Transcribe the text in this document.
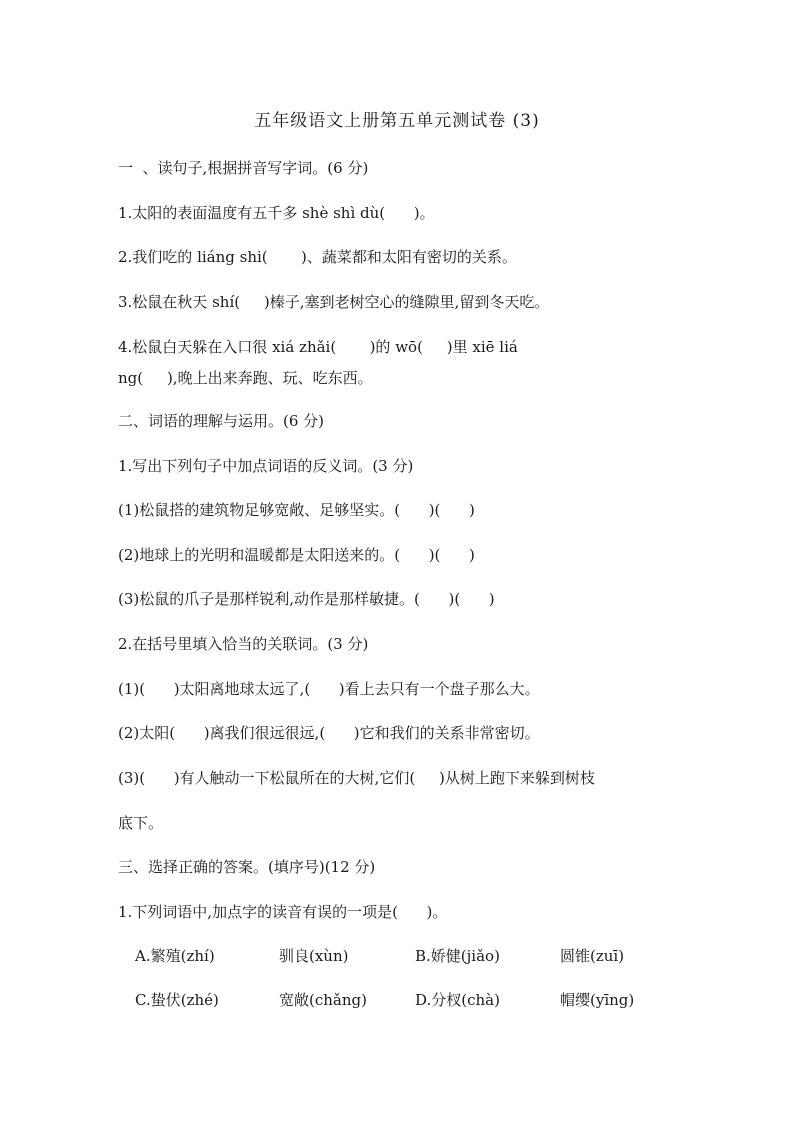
五年级语文上册第五单元测试卷 (3)
一  、读句子,根据拼音写字词。(6 分)
1.太阳的表面温度有五千多 shè shì dù(      )。
2.我们吃的 liáng shi(       )、蔬菜都和太阳有密切的关系。
3.松鼠在秋天 shí(     )榛子,塞到老树空心的缝隙里,留到冬天吃。
4.松鼠白天躲在入口很 xiá zhǎi(       )的 wō(     )里 xiē liá
ng(     ),晚上出来奔跑、玩、吃东西。
二、词语的理解与运用。(6 分)
1.写出下列句子中加点词语的反义词。(3 分)
(1)松鼠搭的建筑物足够宽敞、足够坚实。(      )(      )
(2)地球上的光明和温暖都是太阳送来的。(      )(      )
(3)松鼠的爪子是那样锐利,动作是那样敏捷。(      )(      )
2.在括号里填入恰当的关联词。(3 分)
(1)(      )太阳离地球太远了,(      )看上去只有一个盘子那么大。
(2)太阳(      )离我们很远很远,(      )它和我们的关系非常密切。
(3)(      )有人触动一下松鼠所在的大树,它们(     )从树上跑下来躲到树枝
底下。
三、选择正确的答案。(填序号)(12 分)
1.下列词语中,加点字的读音有误的一项是(      )。
A.繁殖(zhí)	驯良(xùn)	B.娇健(jiǎo)	圆锥(zuī)
C.蛰伏(zhé)	宽敞(chǎng)	D.分杈(chà)	帽缨(yīng)
